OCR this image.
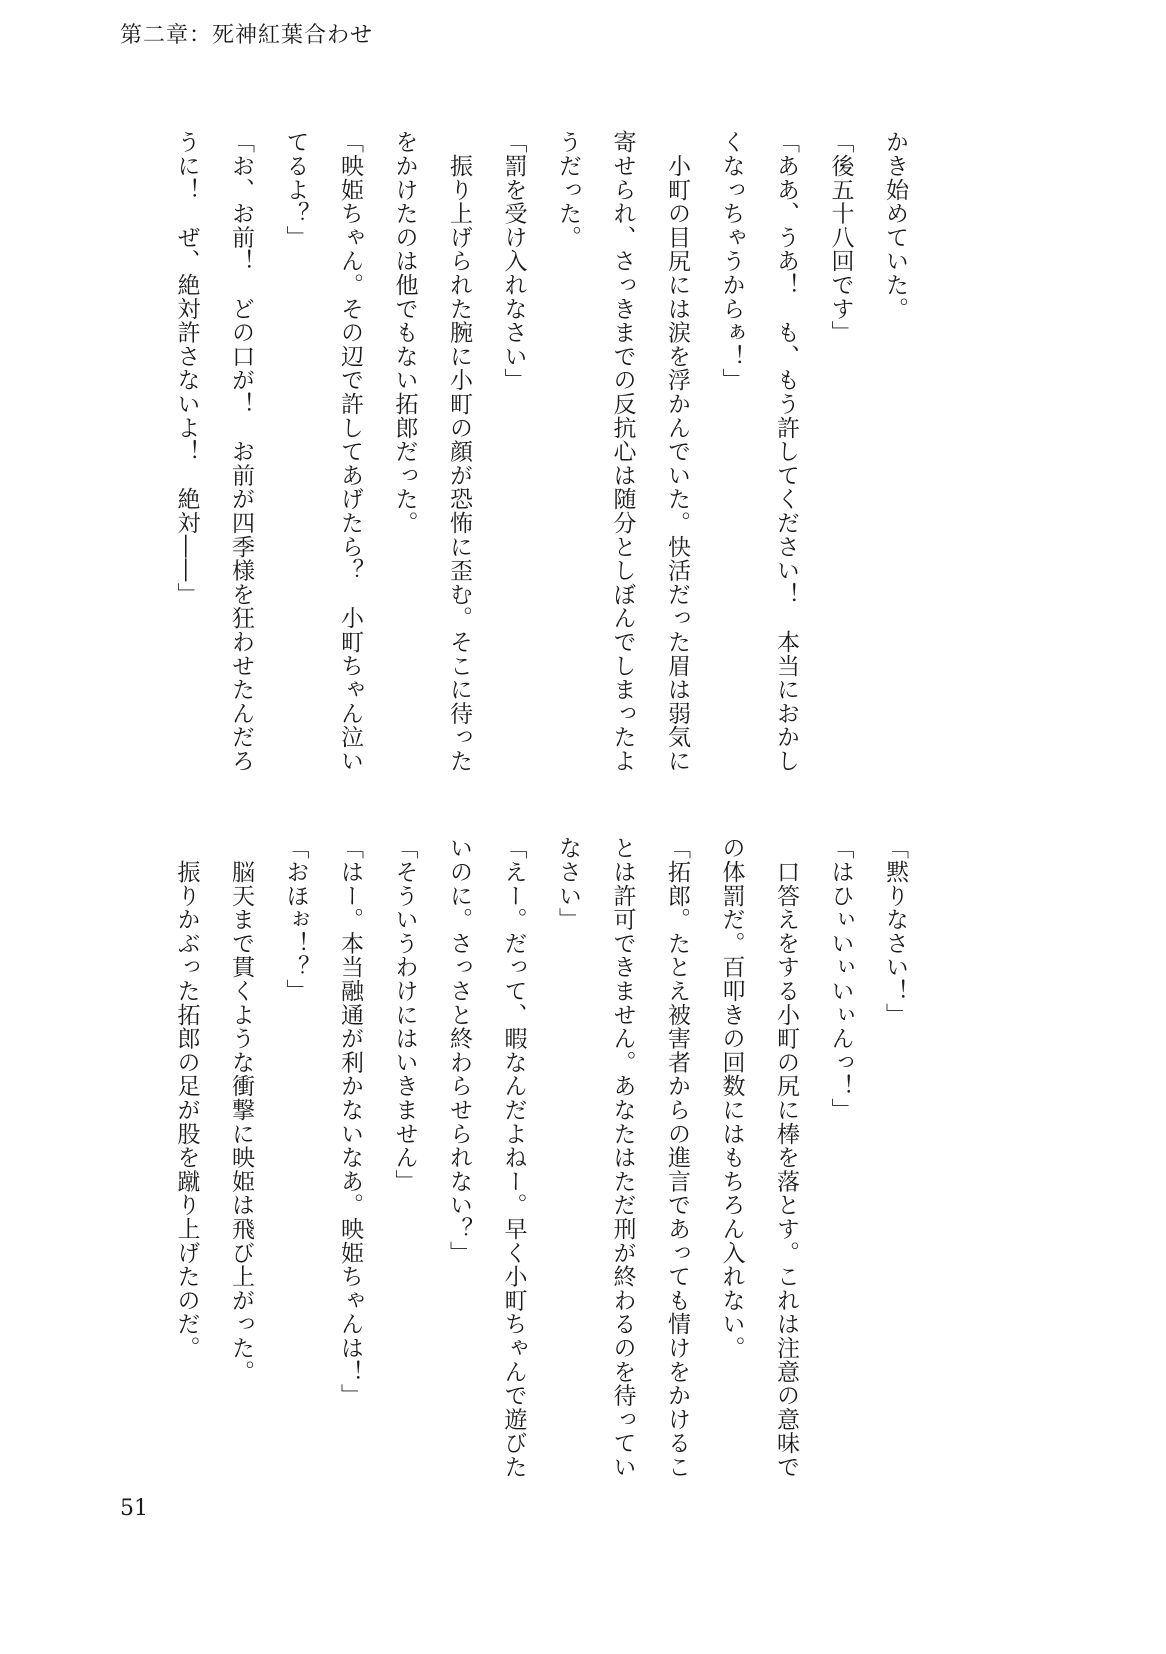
第二章：死神紅葉合わせ
かき始めていた。
「後五十八回です」
「ああ、うあ！　も、もう許してください！　本当におかし
くなっちゃうからぁ！」
　小町の目尻には涙を浮かんでいた。快活だった眉は弱気に
寄せられ、さっきまでの反抗心は随分としぼんでしまったよ
うだった。
「罰を受け入れなさい」
　振り上げられた腕に小町の顔が恐怖に歪む。そこに待った
をかけたのは他でもない拓郎だった。
「映姫ちゃん。その辺で許してあげたら？　小町ちゃん泣い
てるよ？」
「お、お前！　どの口が！　お前が四季様を狂わせたんだろ
うに！　ぜ、絶対許さないよ！　絶対――」
「黙りなさい！」
「はひぃいぃいぃんっ！」
　口答えをする小町の尻に棒を落とす。これは注意の意味で
の体罰だ。百叩きの回数にはもちろん入れない。
「拓郎。たとえ被害者からの進言であっても情けをかけるこ
とは許可できません。あなたはただ刑が終わるのを待ってい
なさい」
「えー。だって、暇なんだよねー。早く小町ちゃんで遊びた
いのに。さっさと終わらせられない？」
「そういうわけにはいきません」
「はー。本当融通が利かないなあ。映姫ちゃんは！」
「おほぉ！？」
　脳天まで貫くような衝撃に映姫は飛び上がった。
　振りかぶった拓郎の足が股を蹴り上げたのだ。
51
